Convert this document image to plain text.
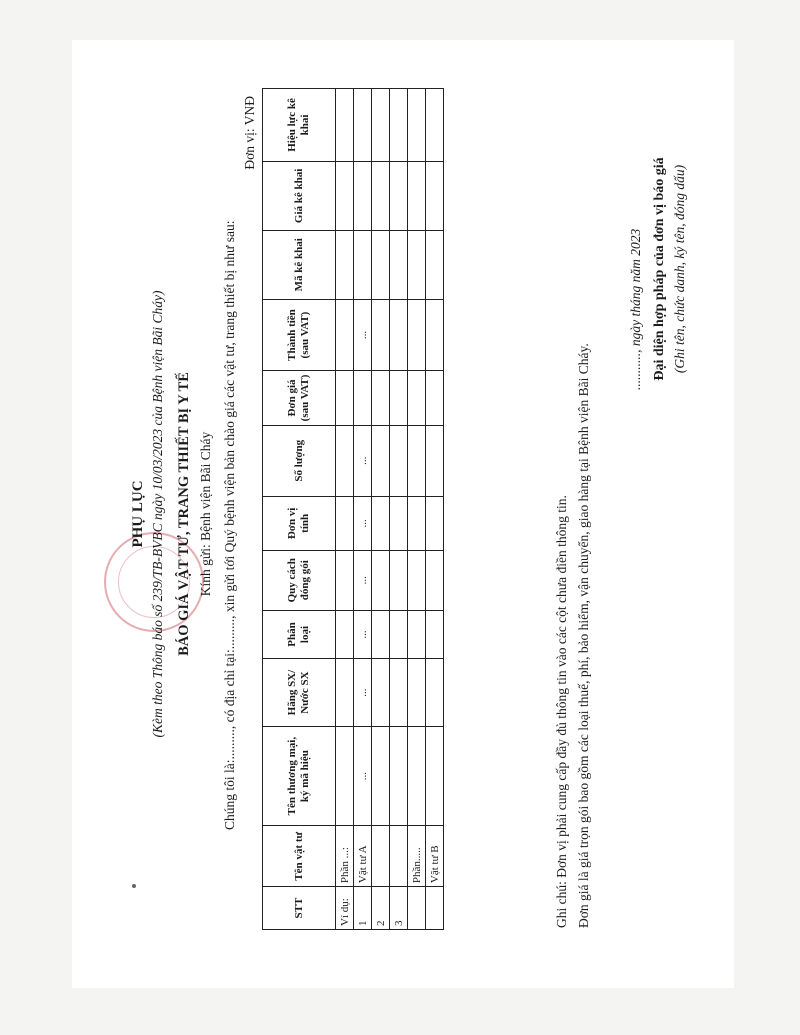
PHỤ LỤC (Kèm theo Thông báo số 239/TB-BVBC ngày 10/03/2023 của Bệnh viện Bãi Cháy) BÁO GIÁ VẬT TƯ, TRANG THIẾT BỊ Y TẾ Kính gửi: Bệnh viện Bãi Cháy Chúng tôi là:........., có địa chỉ tại:........., xin gửi tới Quý bệnh viện bản chào giá các vật tư, trang thiết bị như sau:
Đơn vị: VNĐ
STT	Tên vật tư	Tên thương mại, ký mã hiệu	Hãng SX/ Nước SX	Phân loại	Quy cách đóng gói	Đơn vị tính	Số lượng	Đơn giá (sau VAT)	Thành tiền (sau VAT)	Mã kê khai	Giá kê khai	Hiệu lực kê khai
Ví dụ:	Phần ...:											
1	Vật tư A	...	...	...	...	...	...		...			
2												
3												
	Phần.....											
	Vật tư B												Ghi chú: Đơn vị phải cung cấp đầy đủ thông tin vào các cột chưa điền thông tin. Đơn giá là giá trọn gói bao gồm các loại thuế, phí, bảo hiểm, vận chuyển, giao hàng tại Bệnh viện Bãi Cháy.
..........., ngày tháng năm 2023 Đại diện hợp pháp của đơn vị báo giá (Ghi tên, chức danh, ký tên, đóng dấu)
